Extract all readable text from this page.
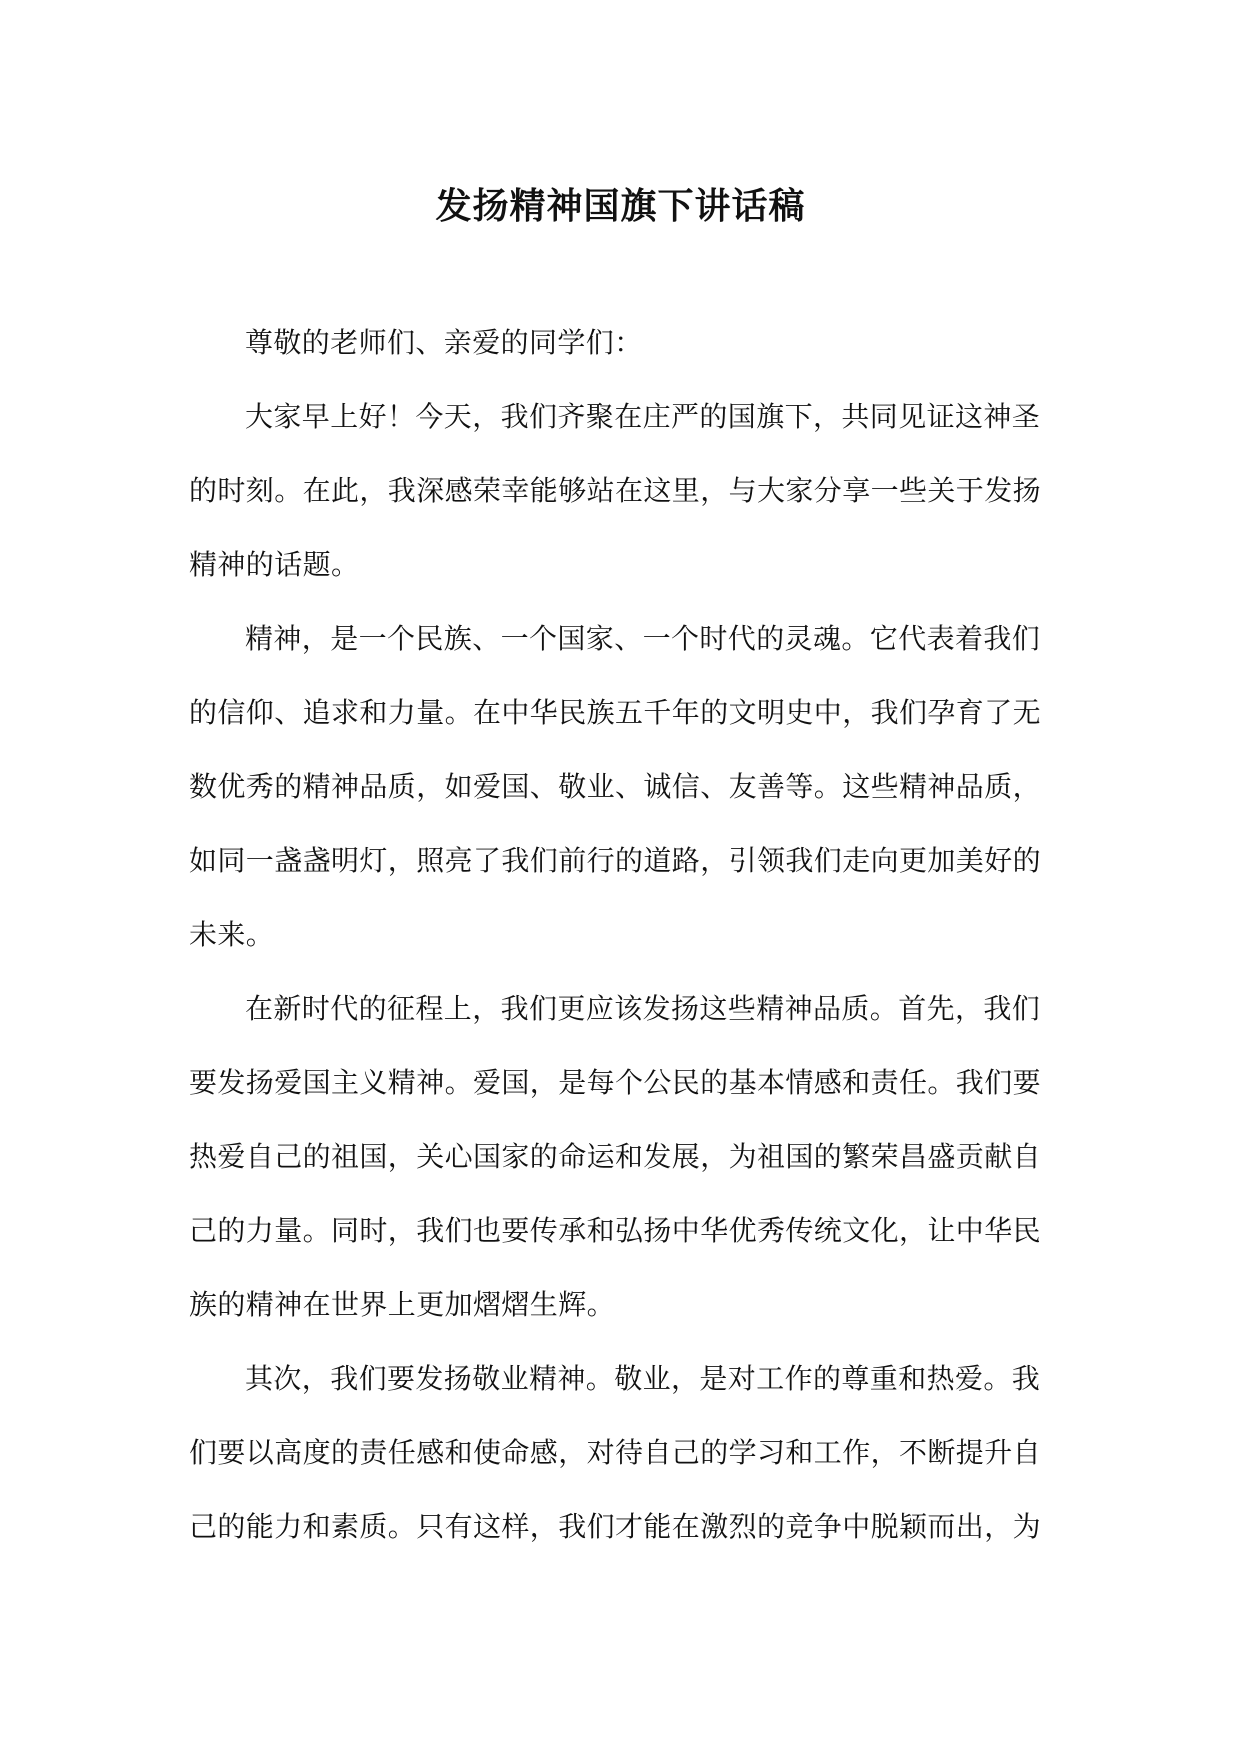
发扬精神国旗下讲话稿
尊敬的老师们、亲爱的同学们：
大家早上好！今天，我们齐聚在庄严的国旗下，共同见证这神圣
的时刻。在此，我深感荣幸能够站在这里，与大家分享一些关于发扬
精神的话题。
精神，是一个民族、一个国家、一个时代的灵魂。它代表着我们
的信仰、追求和力量。在中华民族五千年的文明史中，我们孕育了无
数优秀的精神品质，如爱国、敬业、诚信、友善等。这些精神品质，
如同一盏盏明灯，照亮了我们前行的道路，引领我们走向更加美好的
未来。
在新时代的征程上，我们更应该发扬这些精神品质。首先，我们
要发扬爱国主义精神。爱国，是每个公民的基本情感和责任。我们要
热爱自己的祖国，关心国家的命运和发展，为祖国的繁荣昌盛贡献自
己的力量。同时，我们也要传承和弘扬中华优秀传统文化，让中华民
族的精神在世界上更加熠熠生辉。
其次，我们要发扬敬业精神。敬业，是对工作的尊重和热爱。我
们要以高度的责任感和使命感，对待自己的学习和工作，不断提升自
己的能力和素质。只有这样，我们才能在激烈的竞争中脱颖而出，为
